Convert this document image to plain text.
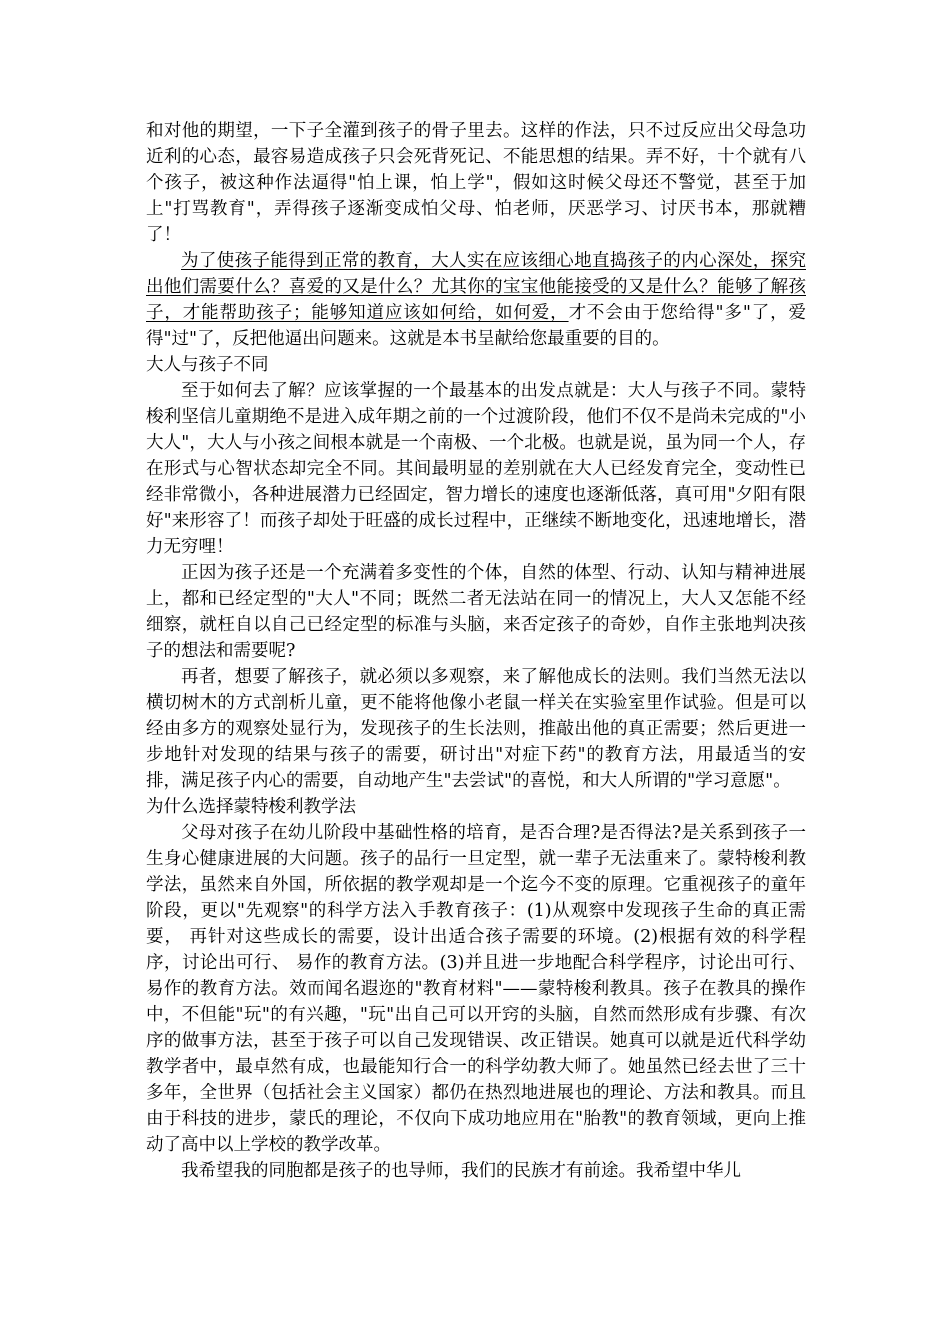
和对他的期望，一下子全灌到孩子的骨子里去。这样的作法，只不过反应出父母急功近利的心态，最容易造成孩子只会死背死记、不能思想的结果。弄不好，十个就有八个孩子，被这种作法逼得"怕上课，怕上学"，假如这时候父母还不警觉，甚至于加上"打骂教育"，弄得孩子逐渐变成怕父母、怕老师，厌恶学习、讨厌书本，那就糟了！

为了使孩子能得到正常的教育，大人实在应该细心地直捣孩子的内心深处，探究出他们需要什么？喜爱的又是什么？尤其你的宝宝他能接受的又是什么？能够了解孩子，才能帮助孩子；能够知道应该如何给，如何爱，才不会由于您给得"多"了，爱得"过"了，反把他逼出问题来。这就是本书呈献给您最重要的目的。

大人与孩子不同

至于如何去了解？应该掌握的一个最基本的出发点就是：大人与孩子不同。蒙特梭利坚信儿童期绝不是进入成年期之前的一个过渡阶段，他们不仅不是尚未完成的"小大人"，大人与小孩之间根本就是一个南极、一个北极。也就是说，虽为同一个人，存在形式与心智状态却完全不同。其间最明显的差别就在大人已经发育完全，变动性已经非常微小，各种进展潜力已经固定，智力增长的速度也逐渐低落，真可用"夕阳有限好"来形容了！而孩子却处于旺盛的成长过程中，正继续不断地变化，迅速地增长，潜力无穷哩！

正因为孩子还是一个充满着多变性的个体，自然的体型、行动、认知与精神进展上，都和已经定型的"大人"不同；既然二者无法站在同一的情况上，大人又怎能不经细察，就枉自以自己已经定型的标准与头脑，来否定孩子的奇妙，自作主张地判决孩子的想法和需要呢?

再者，想要了解孩子，就必须以多观察，来了解他成长的法则。我们当然无法以横切树木的方式剖析儿童，更不能将他像小老鼠一样关在实验室里作试验。但是可以经由多方的观察处显行为，发现孩子的生长法则，推敲出他的真正需要；然后更进一步地针对发现的结果与孩子的需要，研讨出"对症下药"的教育方法，用最适当的安排，满足孩子内心的需要，自动地产生"去尝试"的喜悦，和大人所谓的"学习意愿"。

为什么选择蒙特梭利教学法

父母对孩子在幼儿阶段中基础性格的培育，是否合理?是否得法?是关系到孩子一生身心健康进展的大问题。孩子的品行一旦定型，就一辈子无法重来了。蒙特梭利教学法，虽然来自外国，所依据的教学观却是一个迄今不变的原理。它重视孩子的童年阶段，更以"先观察"的科学方法入手教育孩子：(1)从观察中发现孩子生命的真正需要， 再针对这些成长的需要，设计出适合孩子需要的环境。(2)根据有效的科学程序，讨论出可行、 易作的教育方法。(3)并且进一步地配合科学程序，讨论出可行、 易作的教育方法。效而闻名遐迩的"教育材料"——蒙特梭利教具。孩子在教具的操作中，不但能"玩"的有兴趣，"玩"出自己可以开窍的头脑，自然而然形成有步骤、有次序的做事方法，甚至于孩子可以自己发现错误、改正错误。她真可以就是近代科学幼教学者中，最卓然有成，也最能知行合一的科学幼教大师了。她虽然已经去世了三十多年，全世界（包括社会主义国家）都仍在热烈地进展也的理论、方法和教具。而且由于科技的进步，蒙氏的理论，不仅向下成功地应用在"胎教"的教育领域，更向上推动了高中以上学校的教学改革。

我希望我的同胞都是孩子的也导师，我们的民族才有前途。我希望中华儿
